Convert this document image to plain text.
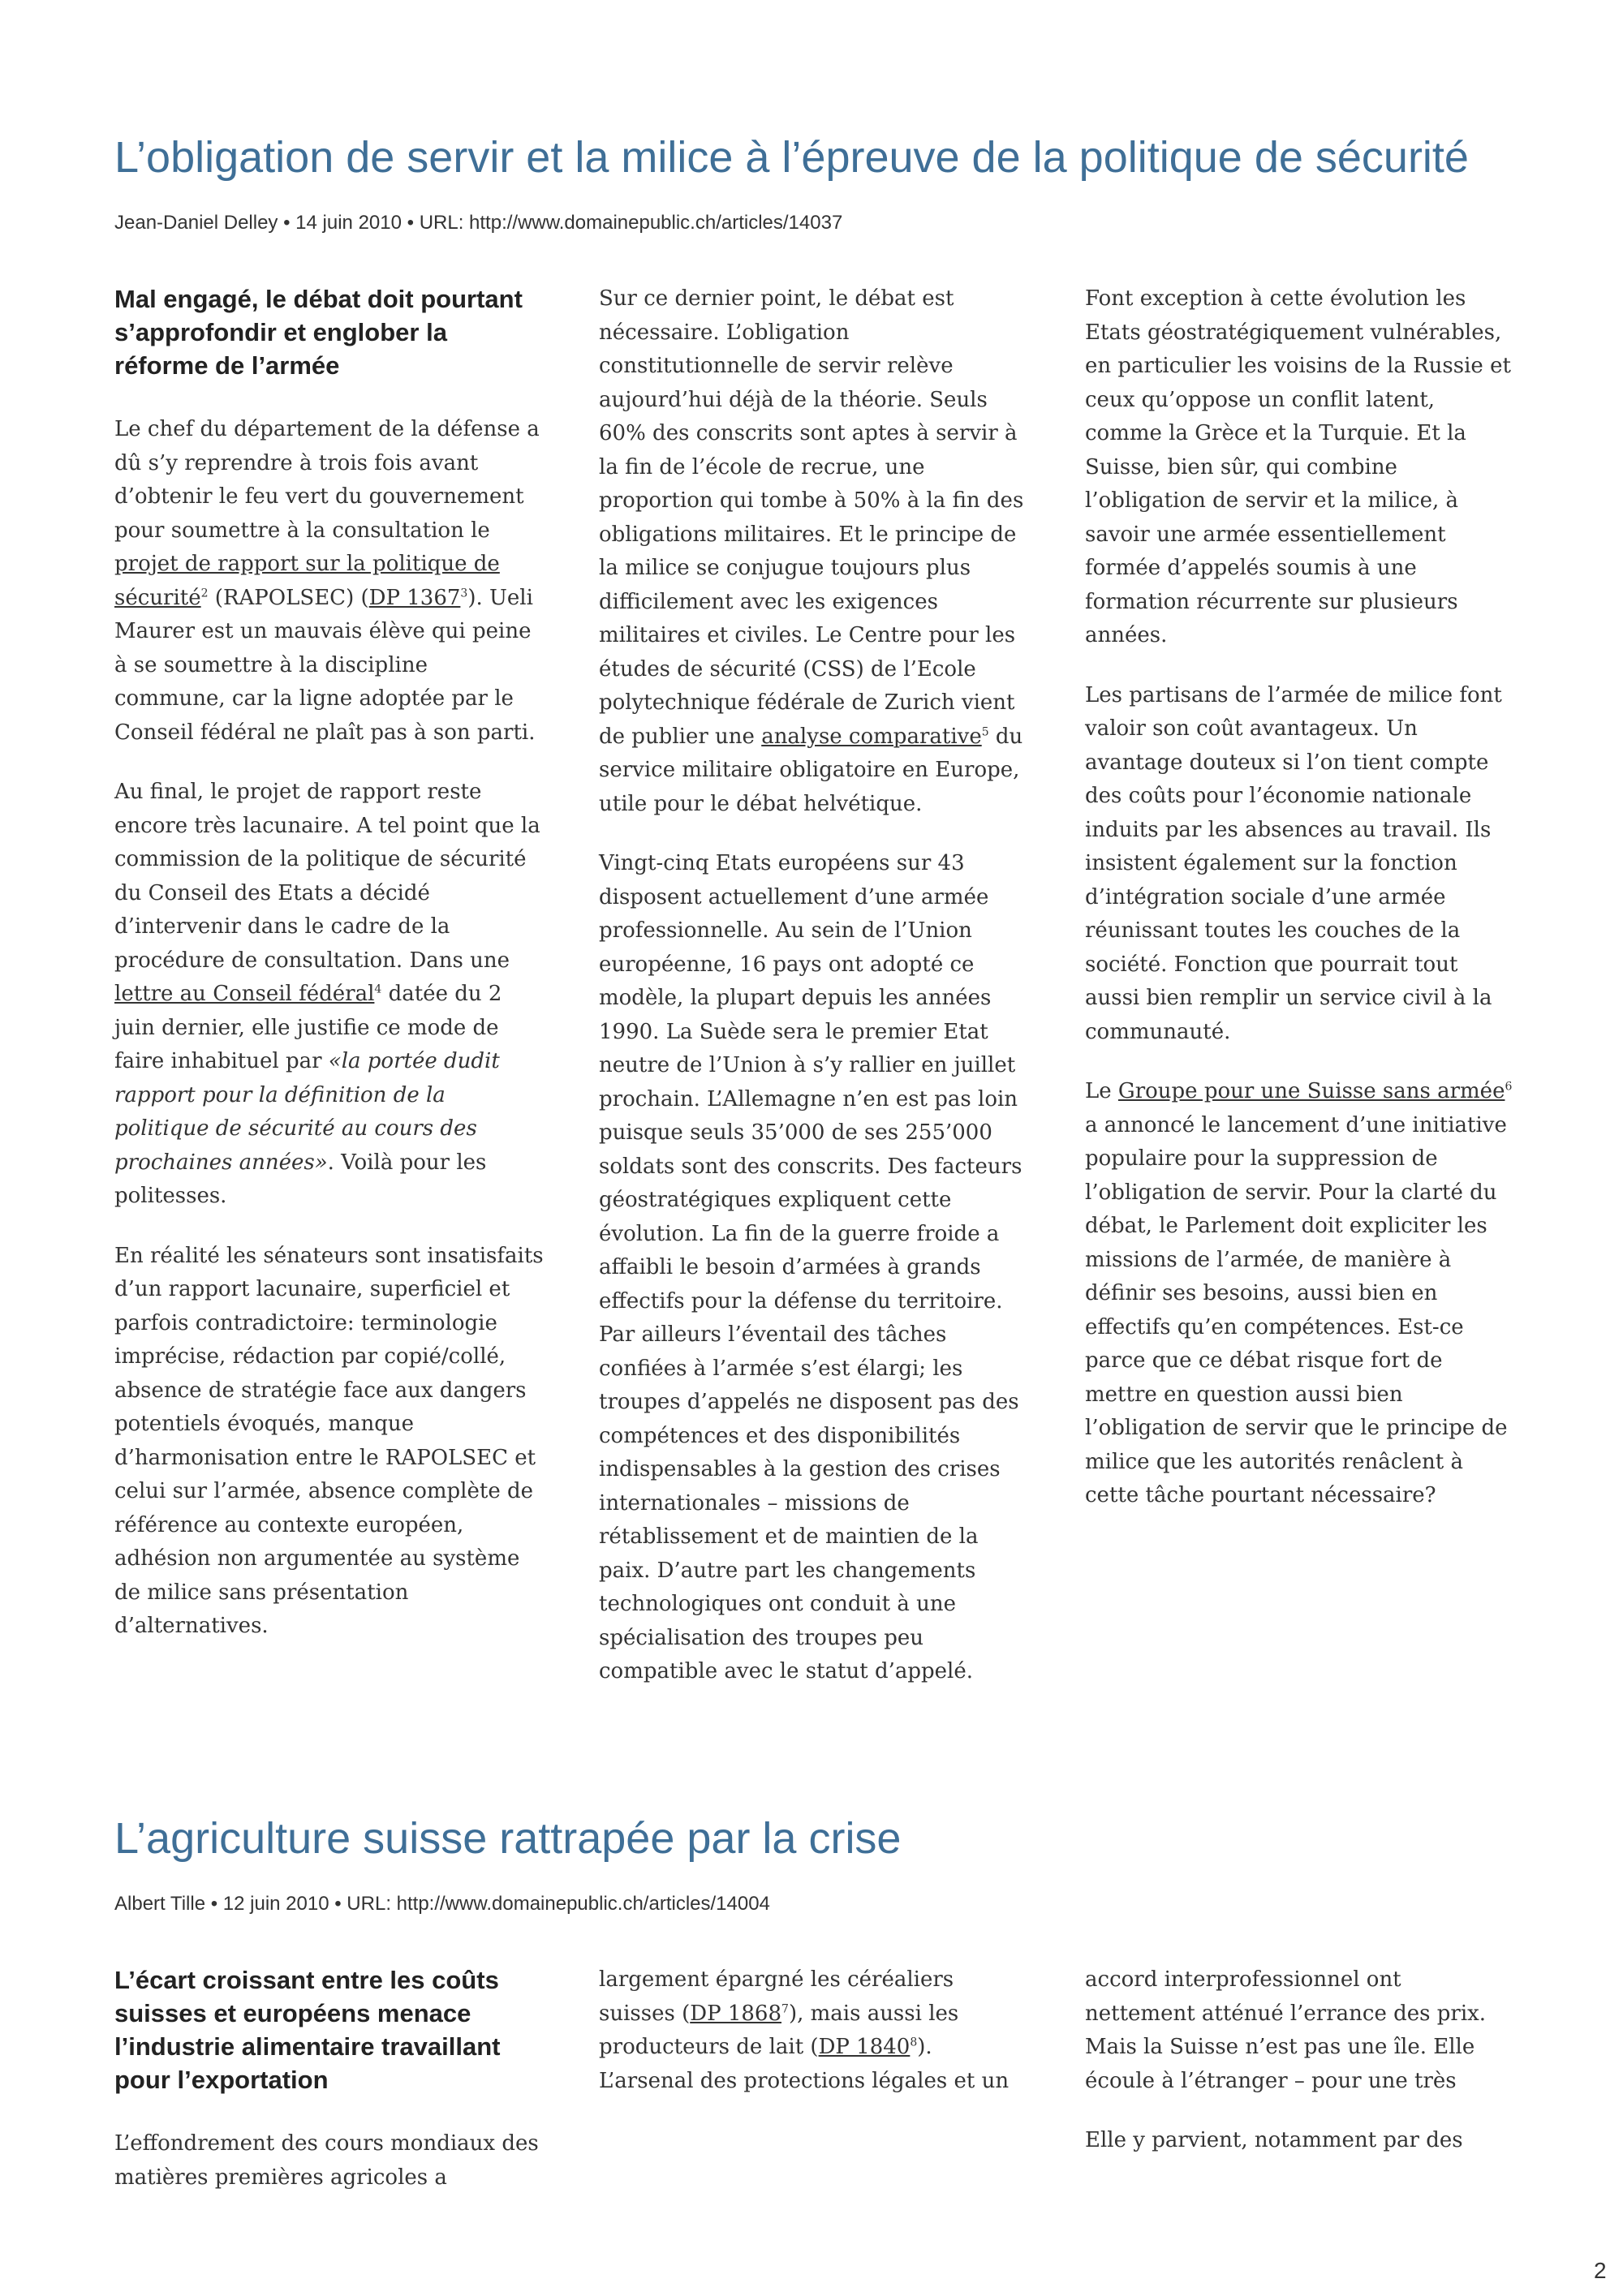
L’obligation de servir et la milice à l’épreuve de la politique de sécurité
Jean-Daniel Delley • 14 juin 2010 • URL: http://www.domainepublic.ch/articles/14037
Mal engagé, le débat doit pourtant s’approfondir et englober la réforme de l’armée

Le chef du département de la défense a dû s’y reprendre à trois fois avant d’obtenir le feu vert du gouvernement pour soumettre à la consultation le projet de rapport sur la politique de sécurité$^2$ (RAPOLSEC) (DP 1367$^3$). Ueli Maurer est un mauvais élève qui peine à se soumettre à la discipline commune, car la ligne adoptée par le Conseil fédéral ne plaît pas à son parti.

Au final, le projet de rapport reste encore très lacunaire. A tel point que la commission de la politique de sécurité du Conseil des Etats a décidé d’intervenir dans le cadre de la procédure de consultation. Dans une lettre au Conseil fédéral$^4$ datée du 2 juin dernier, elle justifie ce mode de faire inhabituel par «la portée dudit rapport pour la définition de la politique de sécurité au cours des prochaines années». Voilà pour les politesses.

En réalité les sénateurs sont insatisfaits d’un rapport lacunaire, superficiel et parfois contradictoire: terminologie imprécise, rédaction par copié/collé, absence de stratégie face aux dangers potentiels évoqués, manque d’harmonisation entre le RAPOLSEC et celui sur l’armée, absence complète de référence au contexte européen, adhésion non argumentée au système de milice sans présentation d’alternatives.

Sur ce dernier point, le débat est nécessaire. L’obligation constitutionnelle de servir relève aujourd’hui déjà de la théorie. Seuls 60% des conscrits sont aptes à servir à la fin de l’école de recrue, une proportion qui tombe à 50% à la fin des obligations militaires. Et le principe de la milice se conjugue toujours plus difficilement avec les exigences militaires et civiles. Le Centre pour les études de sécurité (CSS) de l’Ecole polytechnique fédérale de Zurich vient de publier une analyse comparative$^5$ du service militaire obligatoire en Europe, utile pour le débat helvétique.

Vingt-cinq Etats européens sur 43 disposent actuellement d’une armée professionnelle. Au sein de l’Union européenne, 16 pays ont adopté ce modèle, la plupart depuis les années 1990. La Suède sera le premier Etat neutre de l’Union à s’y rallier en juillet prochain. L’Allemagne n’en est pas loin puisque seuls 35’000 de ses 255’000 soldats sont des conscrits. Des facteurs géostratégiques expliquent cette évolution. La fin de la guerre froide a affaibli le besoin d’armées à grands effectifs pour la défense du territoire. Par ailleurs l’éventail des tâches confiées à l’armée s’est élargi; les troupes d’appelés ne disposent pas des compétences et des disponibilités indispensables à la gestion des crises internationales – missions de rétablissement et de maintien de la paix. D’autre part les changements technologiques ont conduit à une spécialisation des troupes peu compatible avec le statut d’appelé.

Font exception à cette évolution les Etats géostratégiquement vulnérables, en particulier les voisins de la Russie et ceux qu’oppose un conflit latent, comme la Grèce et la Turquie. Et la Suisse, bien sûr, qui combine l’obligation de servir et la milice, à savoir une armée essentiellement formée d’appelés soumis à une formation récurrente sur plusieurs années.

Les partisans de l’armée de milice font valoir son coût avantageux. Un avantage douteux si l’on tient compte des coûts pour l’économie nationale induits par les absences au travail. Ils insistent également sur la fonction d’intégration sociale d’une armée réunissant toutes les couches de la société. Fonction que pourrait tout aussi bien remplir un service civil à la communauté.

Le Groupe pour une Suisse sans armée$^6$ a annoncé le lancement d’une initiative populaire pour la suppression de l’obligation de servir. Pour la clarté du débat, le Parlement doit expliciter les missions de l’armée, de manière à définir ses besoins, aussi bien en effectifs qu’en compétences. Est-ce parce que ce débat risque fort de mettre en question aussi bien l’obligation de servir que le principe de milice que les autorités renâclent à cette tâche pourtant nécessaire?

L’agriculture suisse rattrapée par la crise
Albert Tille • 12 juin 2010 • URL: http://www.domainepublic.ch/articles/14004
L’écart croissant entre les coûts suisses et européens menace l’industrie alimentaire travaillant pour l’exportation

L’effondrement des cours mondiaux des matières premières agricoles a

largement épargné les céréaliers suisses (DP 1868$^7$), mais aussi les producteurs de lait (DP 1840$^8$). L’arsenal des protections légales et un

accord interprofessionnel ont nettement atténué l’errance des prix. Mais la Suisse n’est pas une île. Elle écoule à l’étranger – pour une très

Elle y parvient, notamment par des

2
